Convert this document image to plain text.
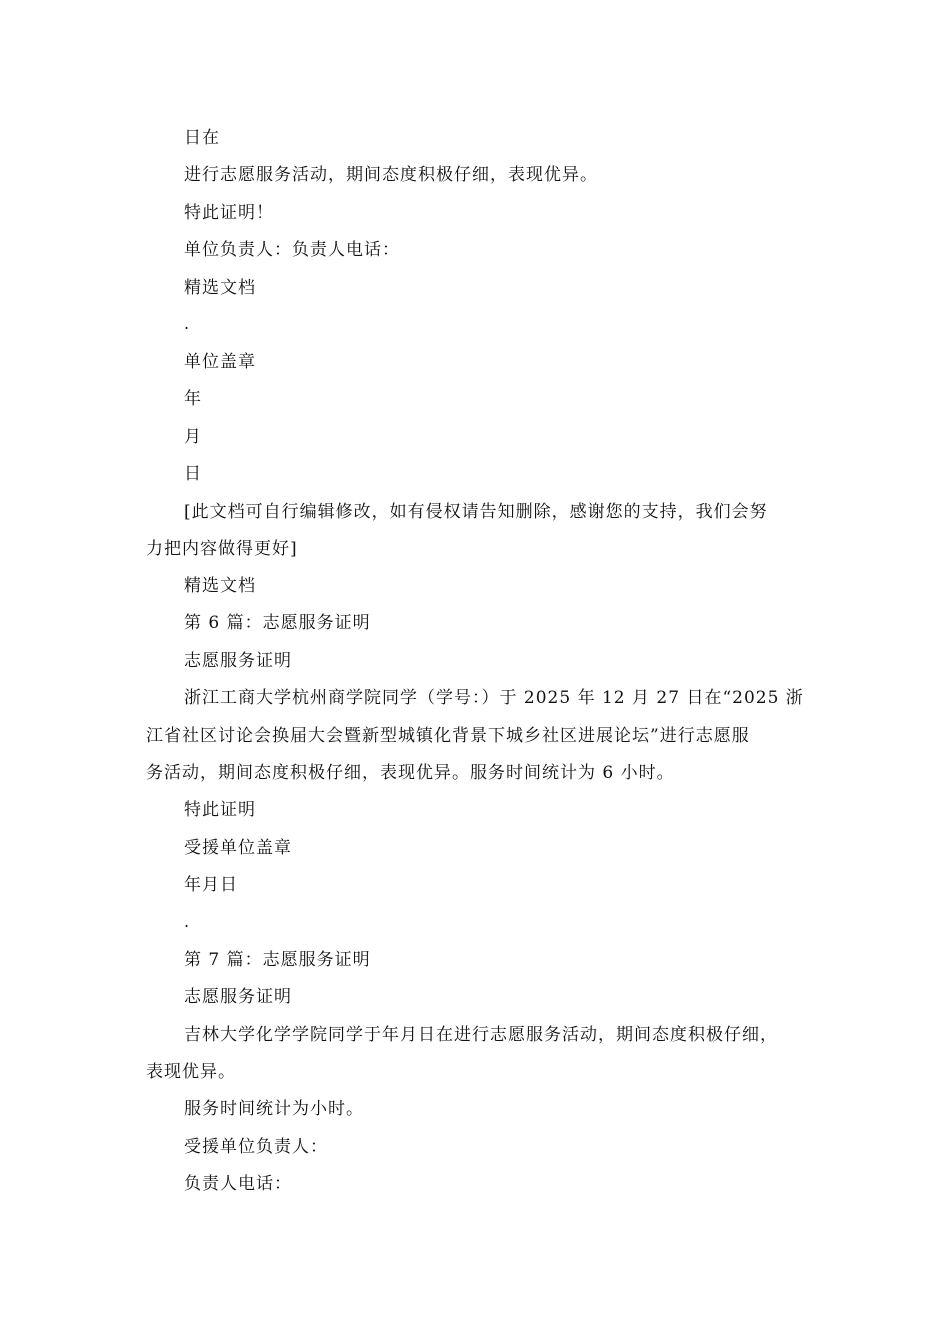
日在
进行志愿服务活动，期间态度积极仔细，表现优异。
特此证明！
单位负责人：负责人电话：
精选文档
.
单位盖章
年
月
日
[此文档可自行编辑修改，如有侵权请告知删除，感谢您的支持，我们会努
力把内容做得更好]
精选文档
第 6 篇：志愿服务证明
志愿服务证明
浙江工商大学杭州商学院同学（学号：）于 2025 年 12 月 27 日在“2025 浙
江省社区讨论会换届大会暨新型城镇化背景下城乡社区进展论坛”进行志愿服
务活动，期间态度积极仔细，表现优异。服务时间统计为 6 小时。
特此证明
受援单位盖章
年月日
.
第 7 篇：志愿服务证明
志愿服务证明
吉林大学化学学院同学于年月日在进行志愿服务活动，期间态度积极仔细，
表现优异。
服务时间统计为小时。
受援单位负责人：
负责人电话：
